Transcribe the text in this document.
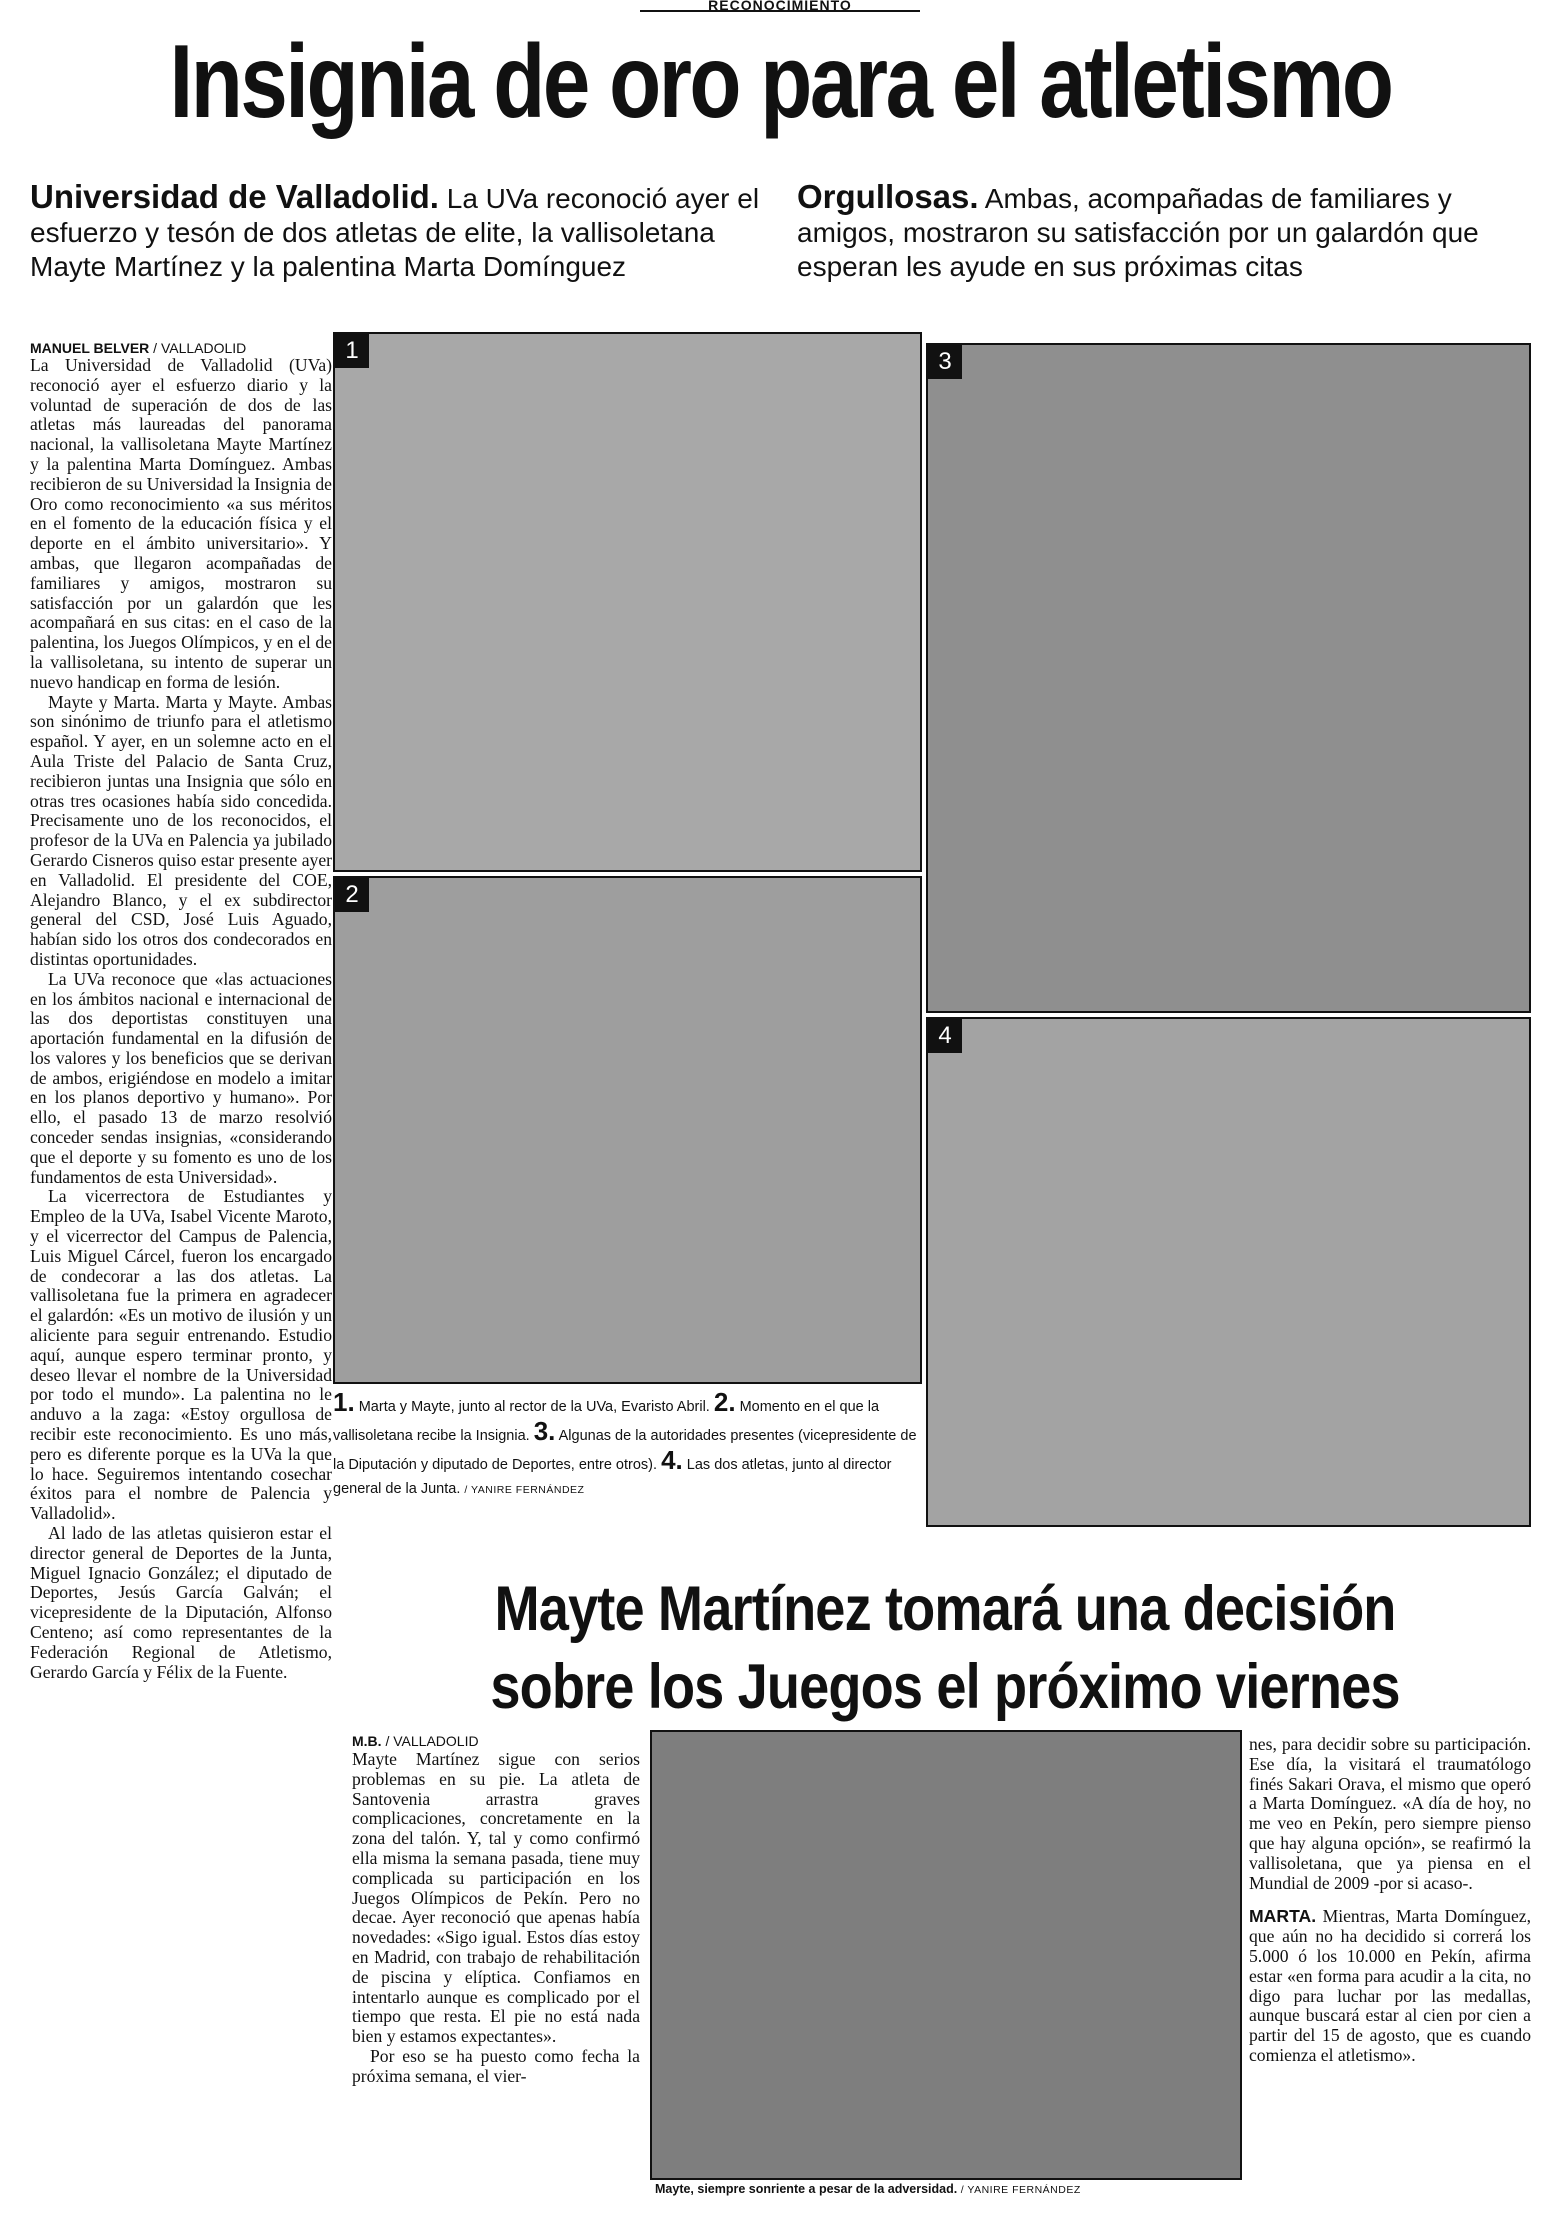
RECONOCIMIENTO
Insignia de oro para el atletismo
Universidad de Valladolid. La UVa reconoció ayer el esfuerzo y tesón de dos atletas de elite, la vallisoletana Mayte Martínez y la palentina Marta Domínguez
Orgullosas. Ambas, acompañadas de familiares y amigos, mostraron su satisfacción por un galardón que esperan les ayude en sus próximas citas
MANUEL BELVER / VALLADOLID

La Universidad de Valladolid (UVa) reconoció ayer el esfuerzo diario y la voluntad de superación de dos de las atletas más laureadas del panorama nacional, la vallisoletana Mayte Martínez y la palentina Marta Domínguez. Ambas recibieron de su Universidad la Insignia de Oro como reconocimiento «a sus méritos en el fomento de la educación física y el deporte en el ámbito universitario». Y ambas, que llegaron acompañadas de familiares y amigos, mostraron su satisfacción por un galardón que les acompañará en sus citas: en el caso de la palentina, los Juegos Olímpicos, y en el de la vallisoletana, su intento de superar un nuevo handicap en forma de lesión.

Mayte y Marta. Marta y Mayte. Ambas son sinónimo de triunfo para el atletismo español. Y ayer, en un solemne acto en el Aula Triste del Palacio de Santa Cruz, recibieron juntas una Insignia que sólo en otras tres ocasiones había sido concedida. Precisamente uno de los reconocidos, el profesor de la UVa en Palencia ya jubilado Gerardo Cisneros quiso estar presente ayer en Valladolid. El presidente del COE, Alejandro Blanco, y el ex subdirector general del CSD, José Luis Aguado, habían sido los otros dos condecorados en distintas oportunidades.

La UVa reconoce que «las actuaciones en los ámbitos nacional e internacional de las dos deportistas constituyen una aportación fundamental en la difusión de los valores y los beneficios que se derivan de ambos, erigiéndose en modelo a imitar en los planos deportivo y humano». Por ello, el pasado 13 de marzo resolvió conceder sendas insignias, «considerando que el deporte y su fomento es uno de los fundamentos de esta Universidad».

La vicerrectora de Estudiantes y Empleo de la UVa, Isabel Vicente Maroto, y el vicerrector del Campus de Palencia, Luis Miguel Cárcel, fueron los encargado de condecorar a las dos atletas. La vallisoletana fue la primera en agradecer el galardón: «Es un motivo de ilusión y un aliciente para seguir entrenando. Estudio aquí, aunque espero terminar pronto, y deseo llevar el nombre de la Universidad por todo el mundo». La palentina no le anduvo a la zaga: «Estoy orgullosa de recibir este reconocimiento. Es uno más, pero es diferente porque es la UVa la que lo hace. Seguiremos intentando cosechar éxitos para el nombre de Palencia y Valladolid».

Al lado de las atletas quisieron estar el director general de Deportes de la Junta, Miguel Ignacio González; el diputado de Deportes, Jesús García Galván; el vicepresidente de la Diputación, Alfonso Centeno; así como representantes de la Federación Regional de Atletismo, Gerardo García y Félix de la Fuente.

1
2
3
4
1. Marta y Mayte, junto al rector de la UVa, Evaristo Abril. 2. Momento en el que la vallisoletana recibe la Insignia. 3. Algunas de la autoridades presentes (vicepresidente de la Diputación y diputado de Deportes, entre otros). 4. Las dos atletas, junto al director general de la Junta. / YANIRE FERNÁNDEZ
Mayte Martínez tomará una decisión sobre los Juegos el próximo viernes
M.B. / VALLADOLID

Mayte Martínez sigue con serios problemas en su pie. La atleta de Santovenia arrastra graves complicaciones, concretamente en la zona del talón. Y, tal y como confirmó ella misma la semana pasada, tiene muy complicada su participación en los Juegos Olímpicos de Pekín. Pero no decae. Ayer reconoció que apenas había novedades: «Sigo igual. Estos días estoy en Madrid, con trabajo de rehabilitación de piscina y elíptica. Confiamos en intentarlo aunque es complicado por el tiempo que resta. El pie no está nada bien y estamos expectantes».

Por eso se ha puesto como fecha la próxima semana, el vier-

Mayte, siempre sonriente a pesar de la adversidad. / YANIRE FERNÁNDEZ

nes, para decidir sobre su participación. Ese día, la visitará el traumatólogo finés Sakari Orava, el mismo que operó a Marta Domínguez. «A día de hoy, no me veo en Pekín, pero siempre pienso que hay alguna opción», se reafirmó la vallisoletana, que ya piensa en el Mundial de 2009 -por si acaso-.

MARTA. Mientras, Marta Domínguez, que aún no ha decidido si correrá los 5.000 ó los 10.000 en Pekín, afirma estar «en forma para acudir a la cita, no digo para luchar por las medallas, aunque buscará estar al cien por cien a partir del 15 de agosto, que es cuando comienza el atletismo».
